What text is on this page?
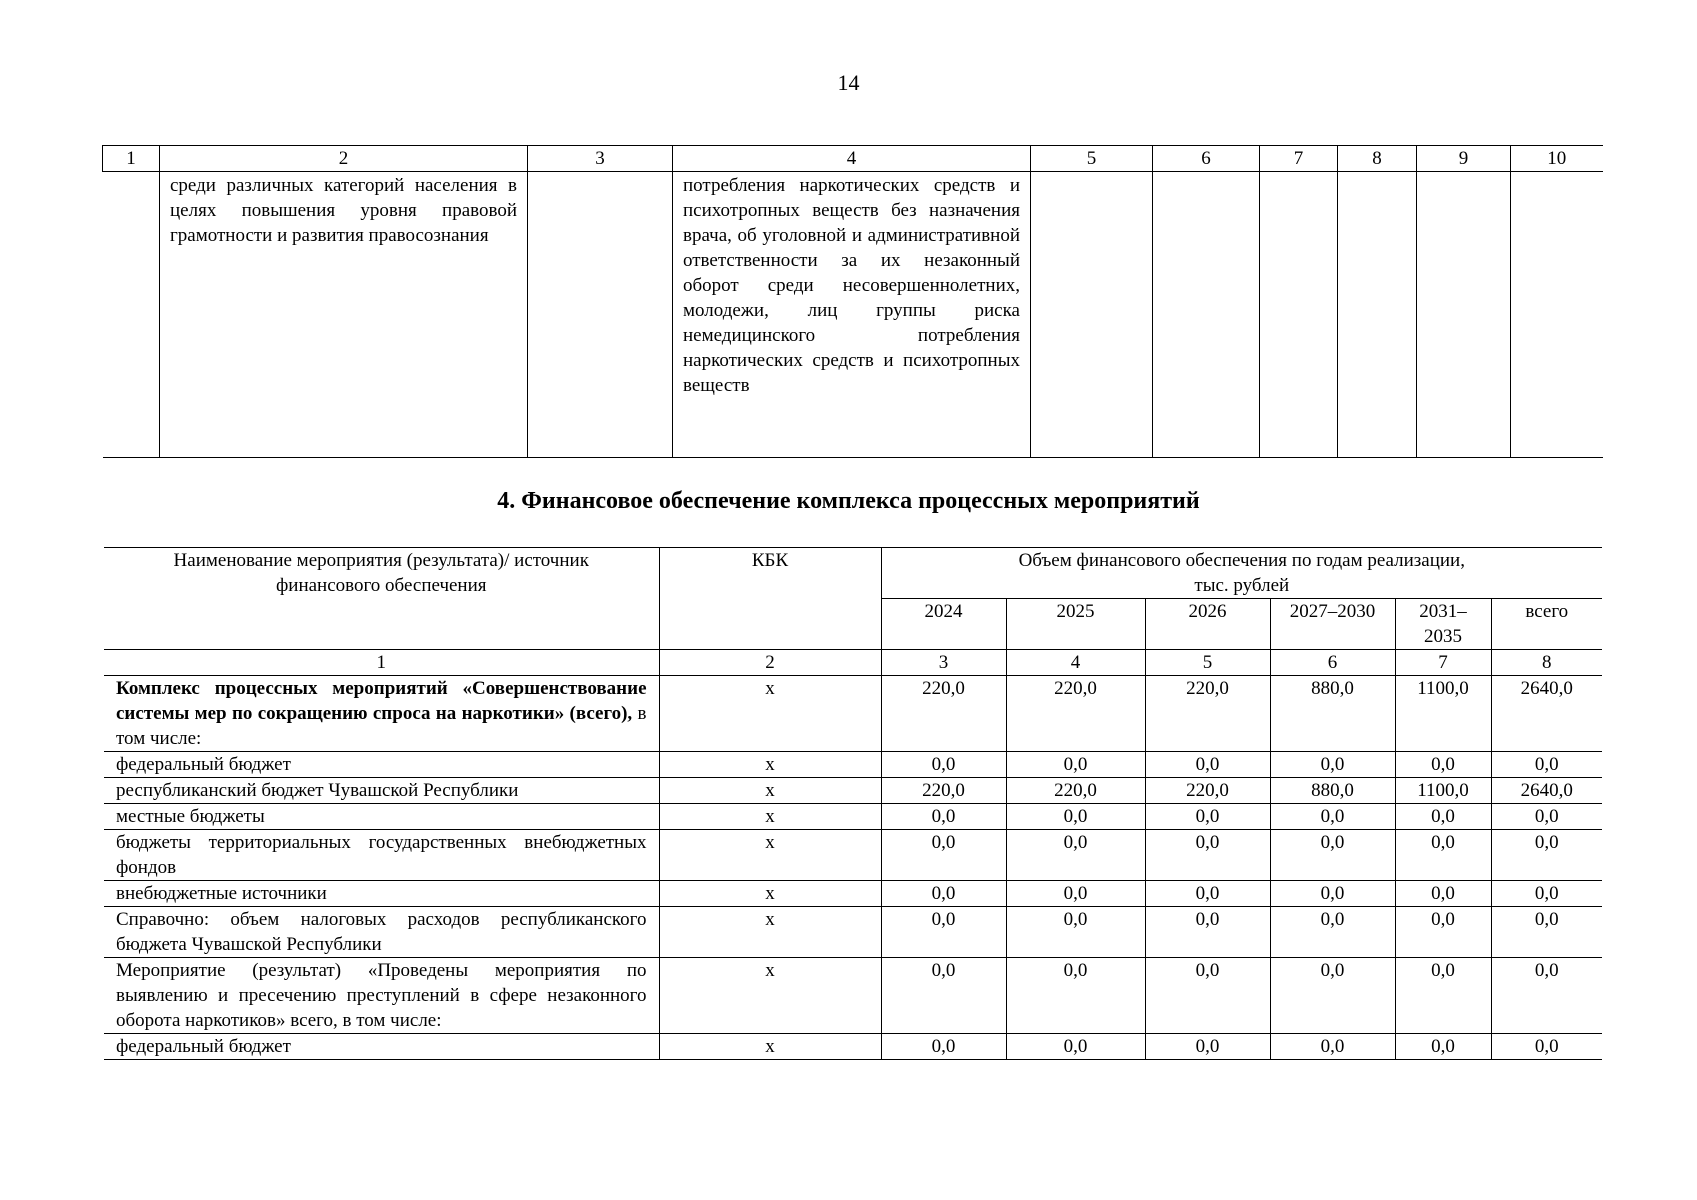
14
1	2	3	4	5	6	7	8	9	10
	среди различных категорий населения в целях повышения уровня правовой грамотности и развития правосознания		потребления наркотических средств и психотропных веществ без назначения врача, об уголовной и административной ответственности за их незаконный оборот среди несовершеннолетних, молодежи, лиц группы риска немедицинского потребления наркотических средств и психотропных веществ						
4. Финансовое обеспечение комплекса процессных мероприятий
Наименование мероприятия (результата)/ источник финансового обеспечения	КБК	Объем финансового обеспечения по годам реализации, тыс. рублей					
		2024	2025	2026	2027–2030	2031–2035	всего
1	2	3	4	5	6	7	8
Комплекс процессных мероприятий «Совершенствование системы мер по сокращению спроса на наркотики» (всего), в том числе:	х	220,0	220,0	220,0	880,0	1100,0	2640,0
федеральный бюджет	х	0,0	0,0	0,0	0,0	0,0	0,0
республиканский бюджет Чувашской Республики	х	220,0	220,0	220,0	880,0	1100,0	2640,0
местные бюджеты	х	0,0	0,0	0,0	0,0	0,0	0,0
бюджеты территориальных государственных внебюджетных фондов	х	0,0	0,0	0,0	0,0	0,0	0,0
внебюджетные источники	х	0,0	0,0	0,0	0,0	0,0	0,0
Справочно: объем налоговых расходов республиканского бюджета Чувашской Республики	х	0,0	0,0	0,0	0,0	0,0	0,0
Мероприятие (результат) «Проведены мероприятия по выявлению и пресечению преступлений в сфере незаконного оборота наркотиков» всего, в том числе:	х	0,0	0,0	0,0	0,0	0,0	0,0
федеральный бюджет	х	0,0	0,0	0,0	0,0	0,0	0,0
